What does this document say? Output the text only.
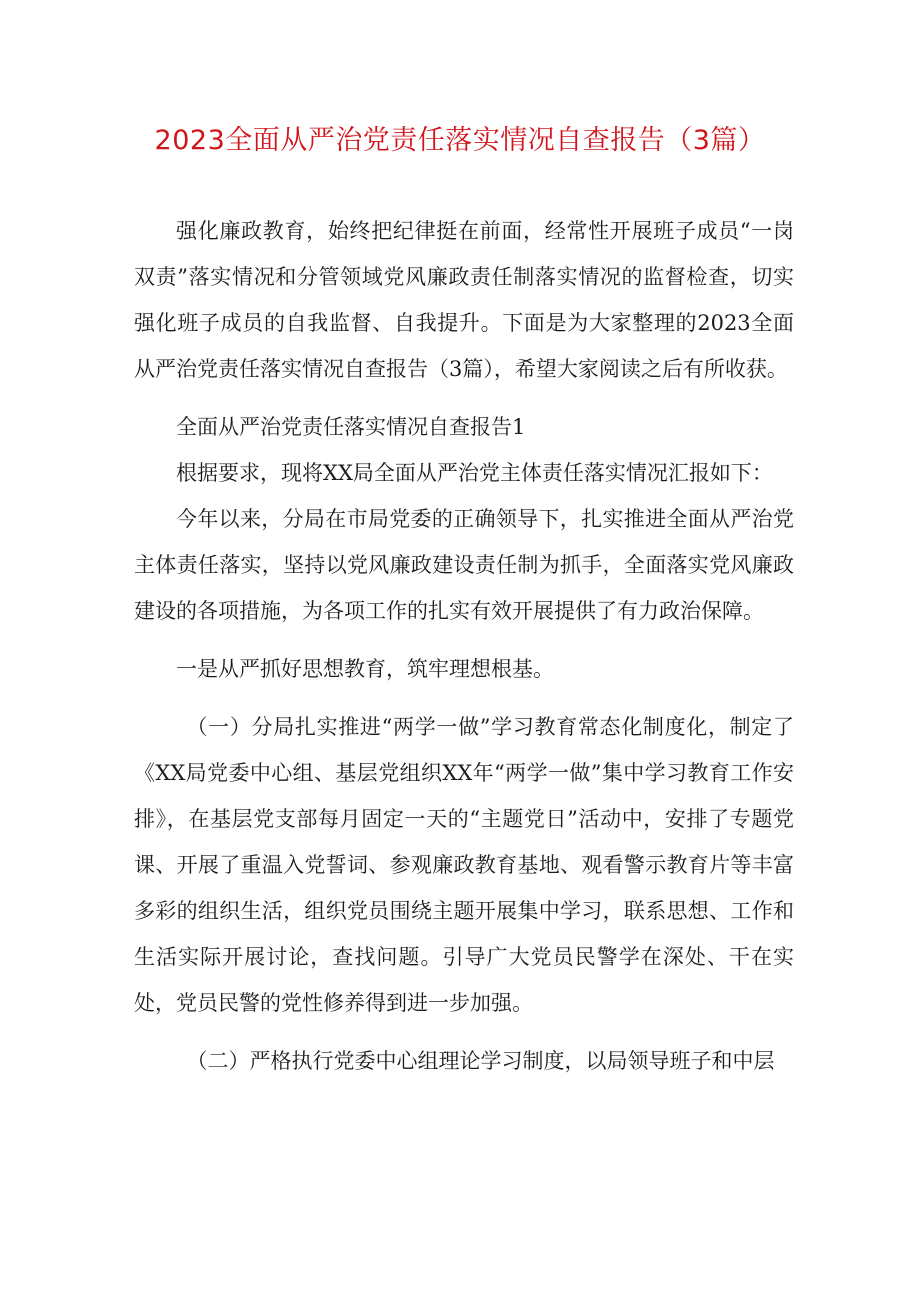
2023全面从严治党责任落实情况自查报告（3篇）

强化廉政教育，始终把纪律挺在前面，经常性开展班子成员“一岗双责”落实情况和分管领域党风廉政责任制落实情况的监督检查，切实强化班子成员的自我监督、自我提升。下面是为大家整理的2023全面从严治党责任落实情况自查报告（3篇），希望大家阅读之后有所收获。

全面从严治党责任落实情况自查报告1

根据要求，现将XX局全面从严治党主体责任落实情况汇报如下：

今年以来，分局在市局党委的正确领导下，扎实推进全面从严治党主体责任落实，坚持以党风廉政建设责任制为抓手，全面落实党风廉政建设的各项措施，为各项工作的扎实有效开展提供了有力政治保障。

一是从严抓好思想教育，筑牢理想根基。

（一）分局扎实推进“两学一做”学习教育常态化制度化，制定了《XX局党委中心组、基层党组织XX年“两学一做”集中学习教育工作安排》，在基层党支部每月固定一天的“主题党日”活动中，安排了专题党课、开展了重温入党誓词、参观廉政教育基地、观看警示教育片等丰富多彩的组织生活，组织党员围绕主题开展集中学习，联系思想、工作和生活实际开展讨论，查找问题。引导广大党员民警学在深处、干在实处，党员民警的党性修养得到进一步加强。

（二）严格执行党委中心组理论学习制度，以局领导班子和中层
